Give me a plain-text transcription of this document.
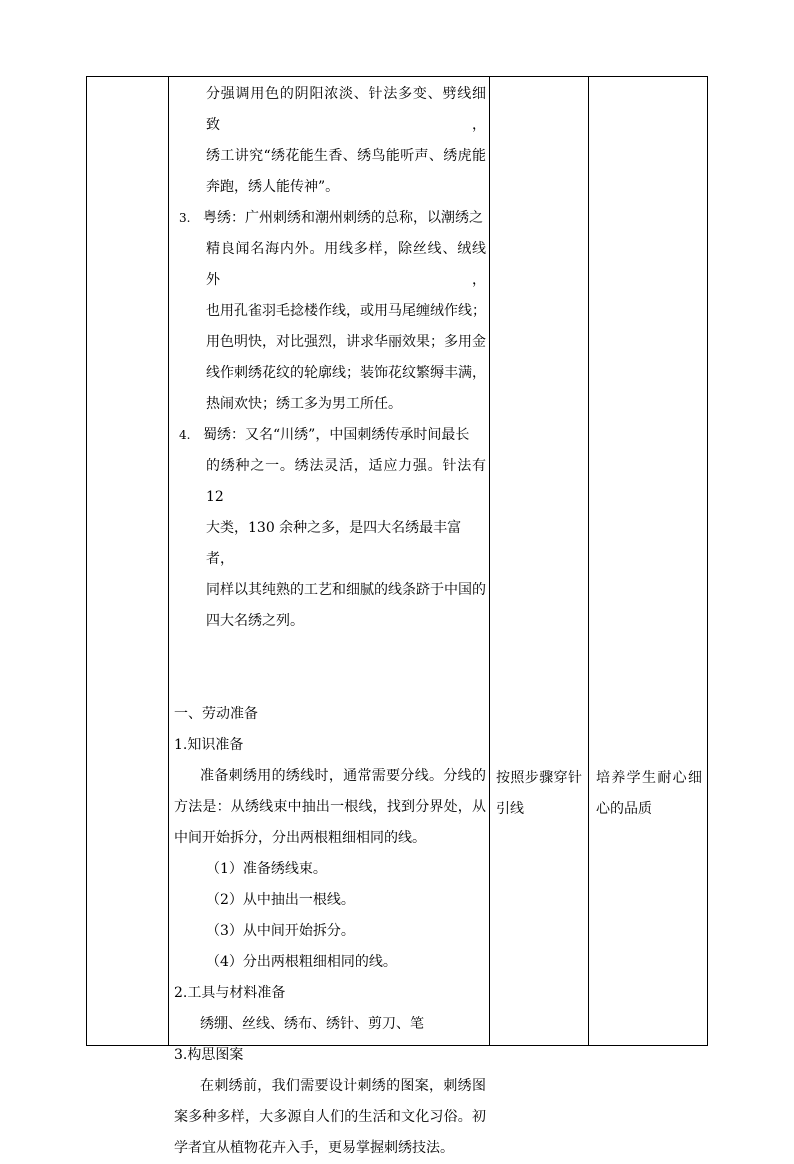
分强调用色的阴阳浓淡、针法多变、劈线细致，

绣工讲究“绣花能生香、绣鸟能听声、绣虎能

奔跑，绣人能传神”。

3. 粤绣：广州刺绣和潮州刺绣的总称，以潮绣之

精良闻名海内外。用线多样，除丝线、绒线外，

也用孔雀羽毛捻楼作线，或用马尾缠绒作线；

用色明快，对比强烈，讲求华丽效果；多用金

线作刺绣花纹的轮廓线；装饰花纹繁缛丰满，

热闹欢快；绣工多为男工所任。

4. 蜀绣：又名“川绣”，中国刺绣传承时间最长

的绣种之一。绣法灵活，适应力强。针法有 12

大类，130 余种之多，是四大名绣最丰富者，

同样以其纯熟的工艺和细腻的线条跻于中国的

四大名绣之列。

一、劳动准备

1.知识准备

准备刺绣用的绣线时，通常需要分线。分线的

方法是：从绣线束中抽出一根线，找到分界处，从

中间开始拆分，分出两根粗细相同的线。

（1）准备绣线束。

（2）从中抽出一根线。

（3）从中间开始拆分。

（4）分出两根粗细相同的线。

2.工具与材料准备

绣绷、丝线、绣布、绣针、剪刀、笔

3.构思图案

在刺绣前，我们需要设计刺绣的图案，刺绣图

案多种多样，大多源自人们的生活和文化习俗。初

学者宜从植物花卉入手，更易掌握刺绣技法。

按照步骤穿针

引线

培养学生耐心细

心的品质
